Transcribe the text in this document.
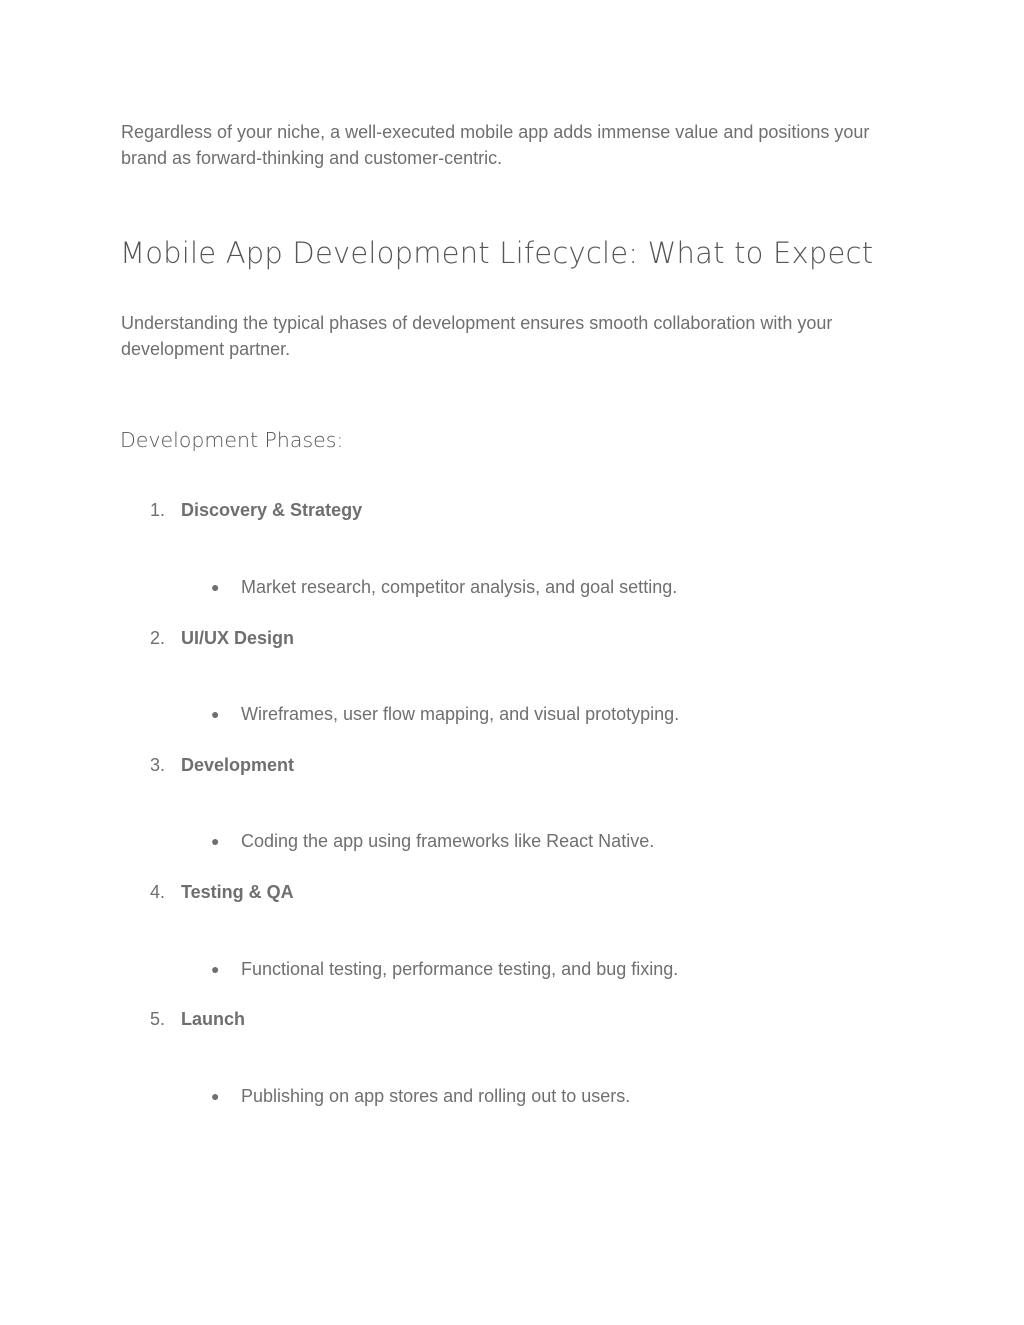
Regardless of your niche, a well-executed mobile app adds immense value and positions your brand as forward-thinking and customer-centric.

Mobile App Development Lifecycle: What to Expect

Understanding the typical phases of development ensures smooth collaboration with your development partner.

Development Phases:
1. Discovery & Strategy
● Market research, competitor analysis, and goal setting.
2. UI/UX Design
● Wireframes, user flow mapping, and visual prototyping.
3. Development
● Coding the app using frameworks like React Native.
4. Testing & QA
● Functional testing, performance testing, and bug fixing.
5. Launch
● Publishing on app stores and rolling out to users.
